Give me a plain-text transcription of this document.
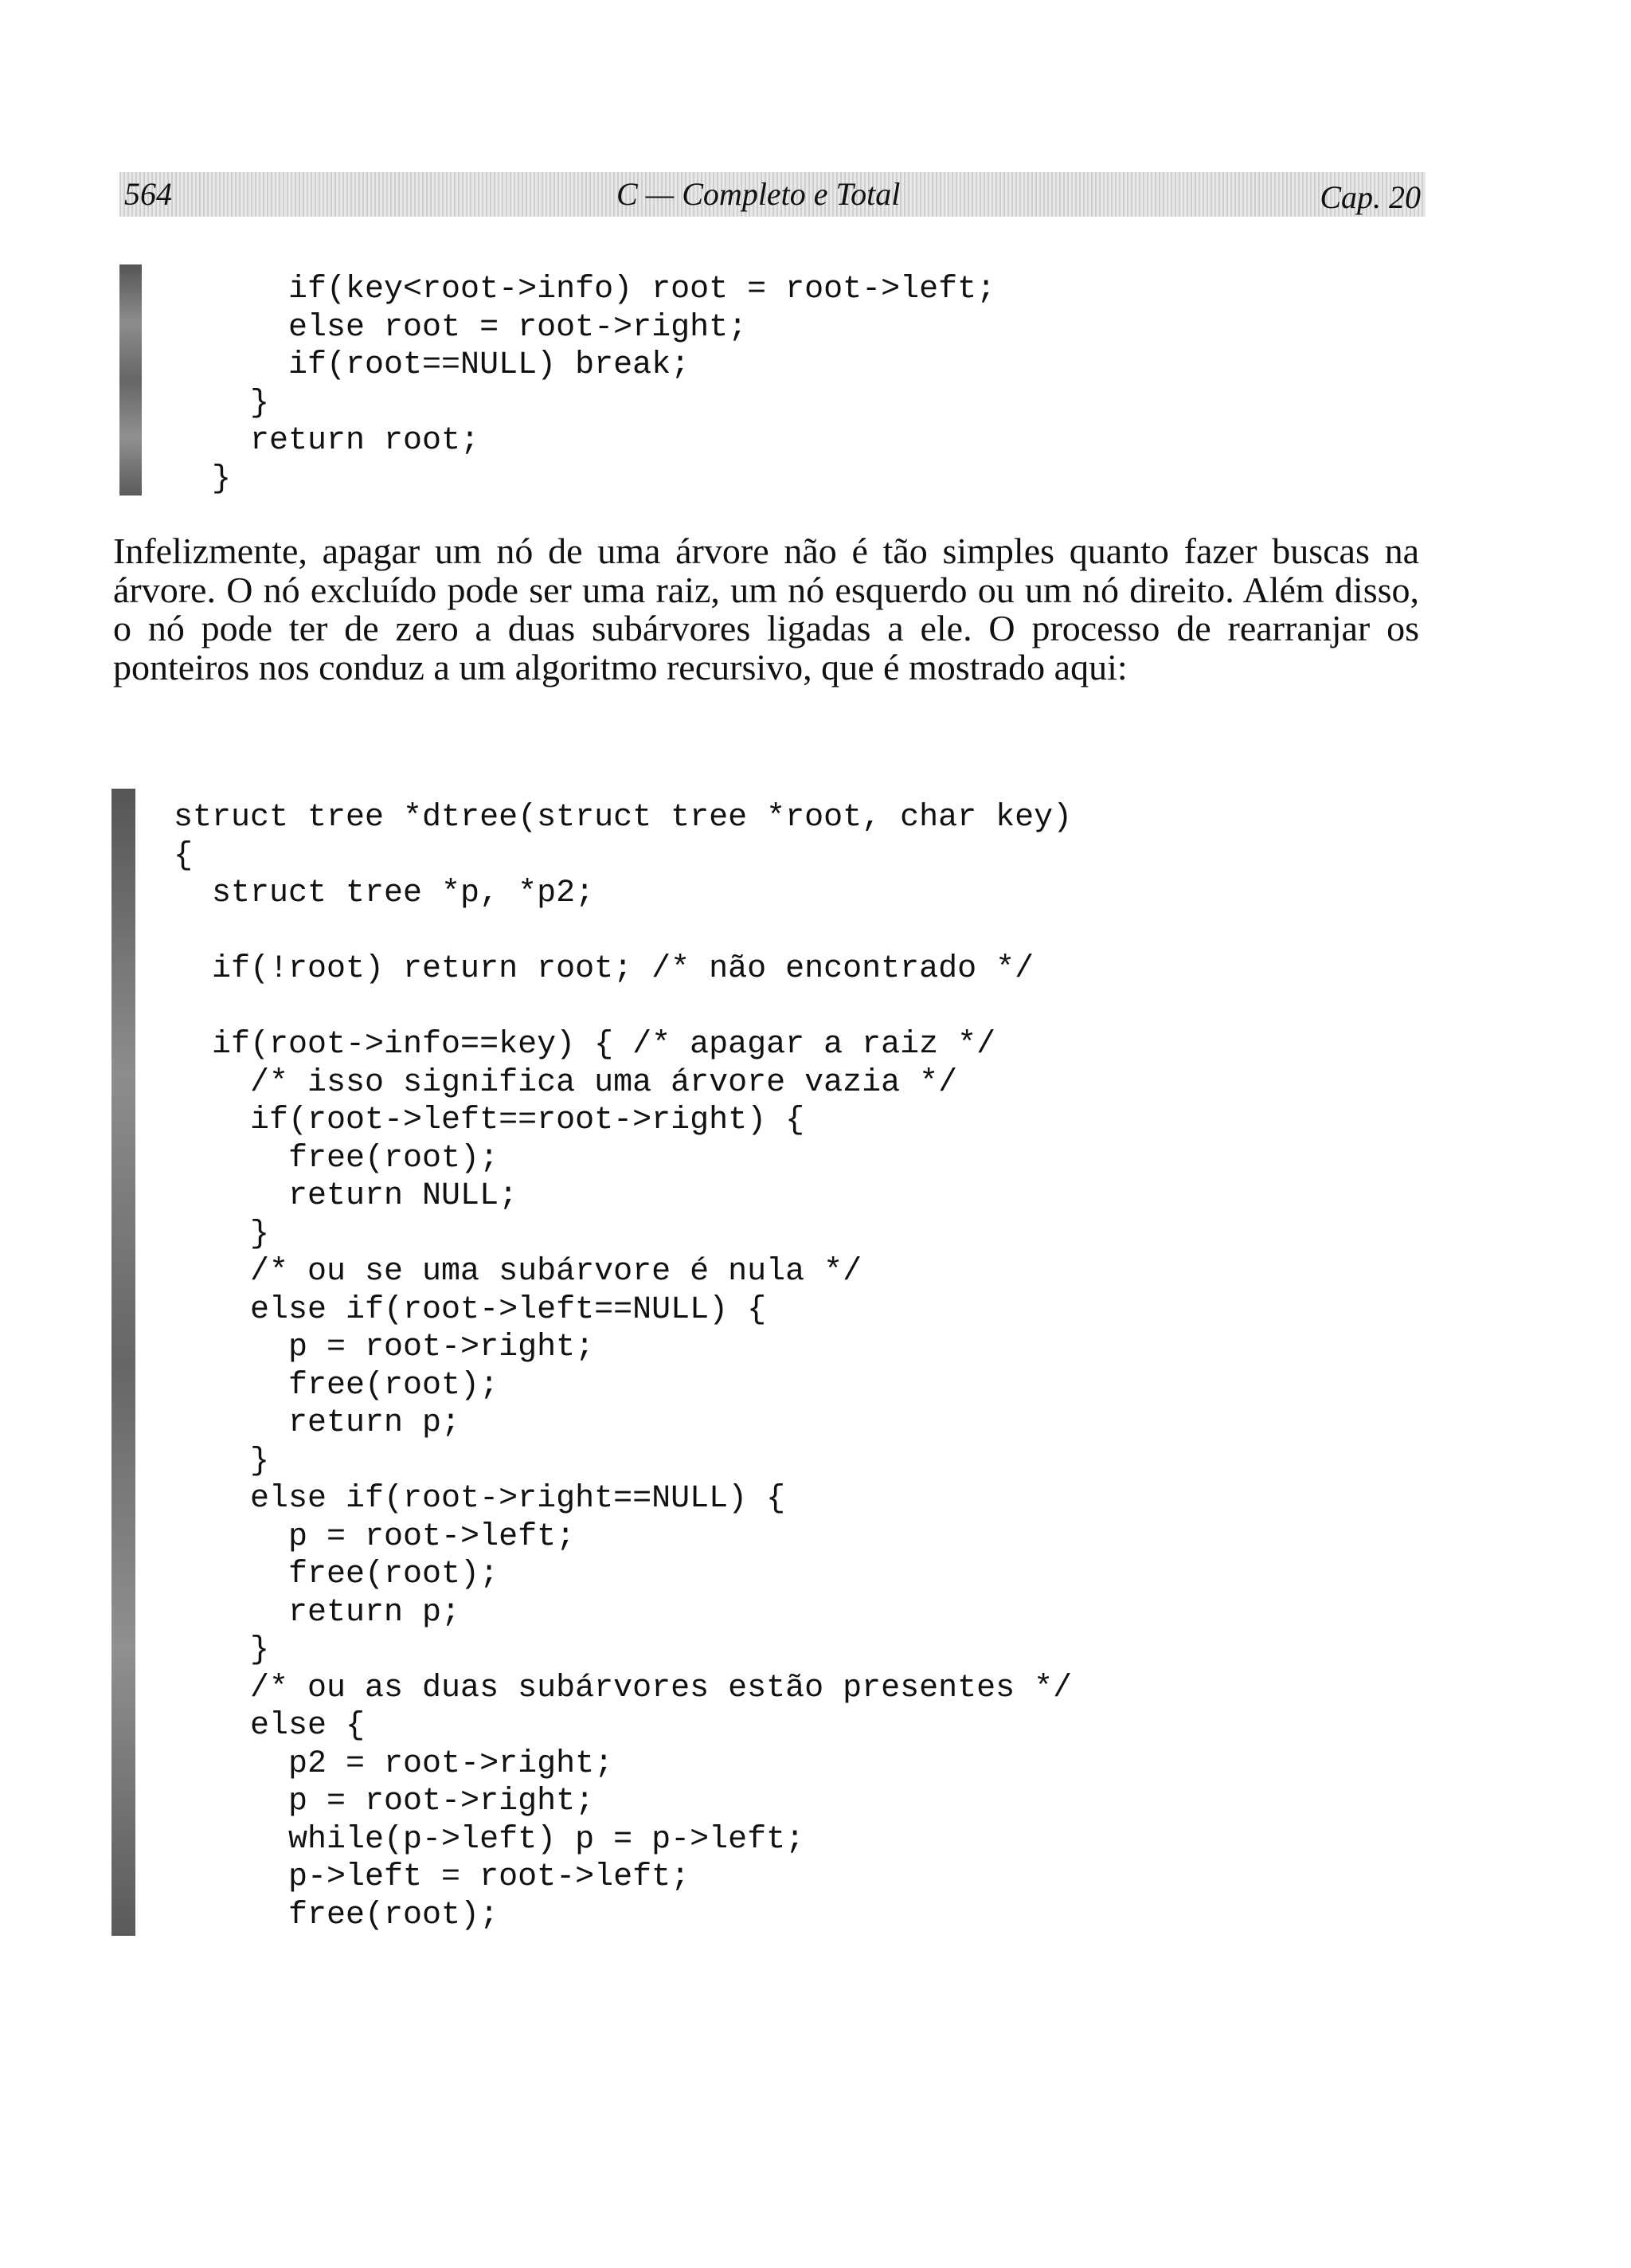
564	C — Completo e Total	Cap. 20
if(key<root->info) root = root->left;
else root = root->right;
if(root==NULL) break;
}
return root;
}

Infelizmente, apagar um nó de uma árvore não é tão simples quanto fazer buscas na árvore. O nó excluído pode ser uma raiz, um nó esquerdo ou um nó direito. Além disso, o nó pode ter de zero a duas subárvores ligadas a ele. O processo de rearranjar os ponteiros nos conduz a um algoritmo recursivo, que é mostrado aqui:

struct tree *dtree(struct tree *root, char key)
{
struct tree *p, *p2;

if(!root) return root; /* não encontrado */

if(root->info==key) { /* apagar a raiz */
/* isso significa uma árvore vazia */
if(root->left==root->right) {
free(root);
return NULL;
}
/* ou se uma subárvore é nula */
else if(root->left==NULL) {
p = root->right;
free(root);
return p;
}
else if(root->right==NULL) {
p = root->left;
free(root);
return p;
}
/* ou as duas subárvores estão presentes */
else {
p2 = root->right;
p = root->right;
while(p->left) p = p->left;
p->left = root->left;
free(root);
